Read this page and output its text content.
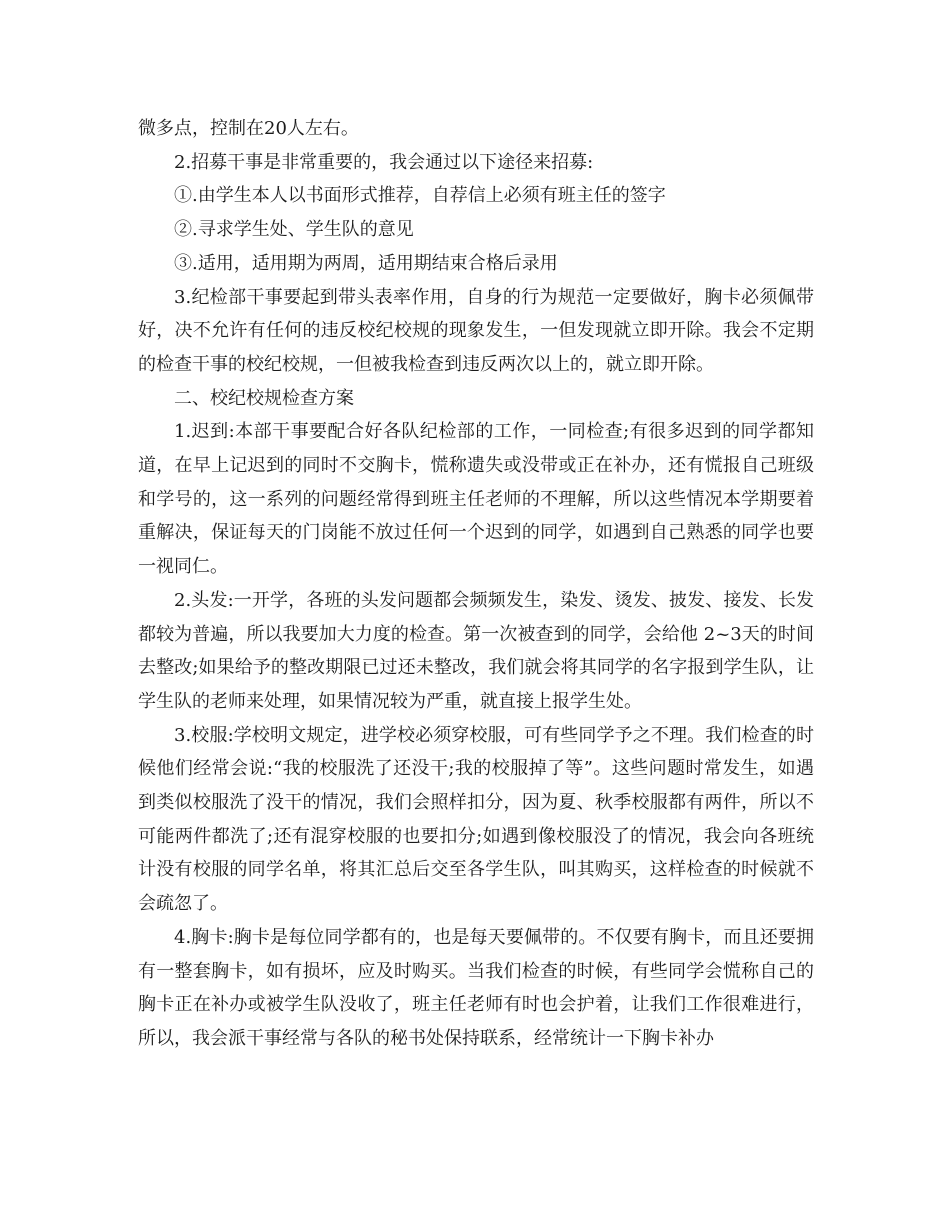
微多点，控制在20人左右。

2.招募干事是非常重要的，我会通过以下途径来招募:

①.由学生本人以书面形式推荐，自荐信上必须有班主任的签字

②.寻求学生处、学生队的意见

③.适用，适用期为两周，适用期结束合格后录用

3.纪检部干事要起到带头表率作用，自身的行为规范一定要做好，胸卡必须佩带好，决不允许有任何的违反校纪校规的现象发生，一但发现就立即开除。我会不定期的检查干事的校纪校规，一但被我检查到违反两次以上的，就立即开除。

二、校纪校规检查方案

1.迟到:本部干事要配合好各队纪检部的工作，一同检查;有很多迟到的同学都知道，在早上记迟到的同时不交胸卡，慌称遗失或没带或正在补办，还有慌报自己班级和学号的，这一系列的问题经常得到班主任老师的不理解，所以这些情况本学期要着重解决，保证每天的门岗能不放过任何一个迟到的同学，如遇到自己熟悉的同学也要一视同仁。

2.头发:一开学，各班的头发问题都会频频发生，染发、烫发、披发、接发、长发都较为普遍，所以我要加大力度的检查。第一次被查到的同学，会给他 2~3天的时间去整改;如果给予的整改期限已过还未整改，我们就会将其同学的名字报到学生队，让学生队的老师来处理，如果情况较为严重，就直接上报学生处。

3.校服:学校明文规定，进学校必须穿校服，可有些同学予之不理。我们检查的时候他们经常会说:“我的校服洗了还没干;我的校服掉了等”。这些问题时常发生，如遇到类似校服洗了没干的情况，我们会照样扣分，因为夏、秋季校服都有两件，所以不可能两件都洗了;还有混穿校服的也要扣分;如遇到像校服没了的情况，我会向各班统计没有校服的同学名单，将其汇总后交至各学生队，叫其购买，这样检查的时候就不会疏忽了。

4.胸卡:胸卡是每位同学都有的，也是每天要佩带的。不仅要有胸卡，而且还要拥有一整套胸卡，如有损坏，应及时购买。当我们检查的时候，有些同学会慌称自己的胸卡正在补办或被学生队没收了，班主任老师有时也会护着，让我们工作很难进行，所以，我会派干事经常与各队的秘书处保持联系，经常统计一下胸卡补办
